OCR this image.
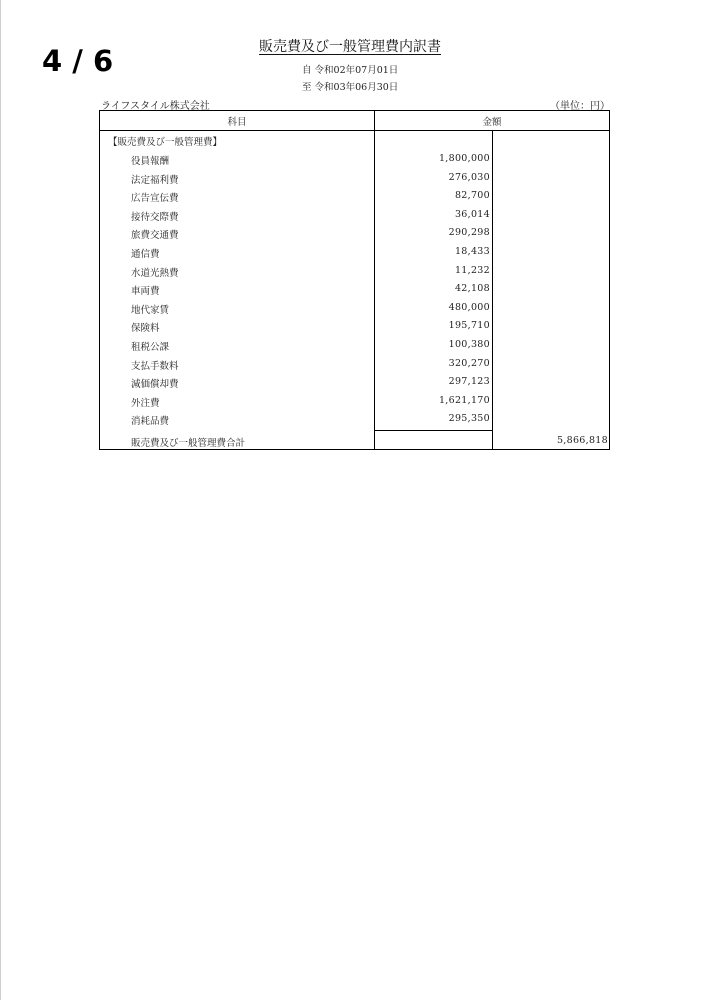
4 / 6	販売費及び一般管理費内訳書
自 令和02年07月01日
至 令和03年06月30日
ライフスタイル株式会社	（単位：円）
科目	金額
【販売費及び一般管理費】
役員報酬	1,800,000
法定福利費	276,030
広告宣伝費	82,700
接待交際費	36,014
旅費交通費	290,298
通信費	18,433
水道光熱費	11,232
車両費	42,108
地代家賃	480,000
保険料	195,710
租税公課	100,380
支払手数料	320,270
減価償却費	297,123
外注費	1,621,170
消耗品費	295,350
販売費及び一般管理費合計	5,866,818
